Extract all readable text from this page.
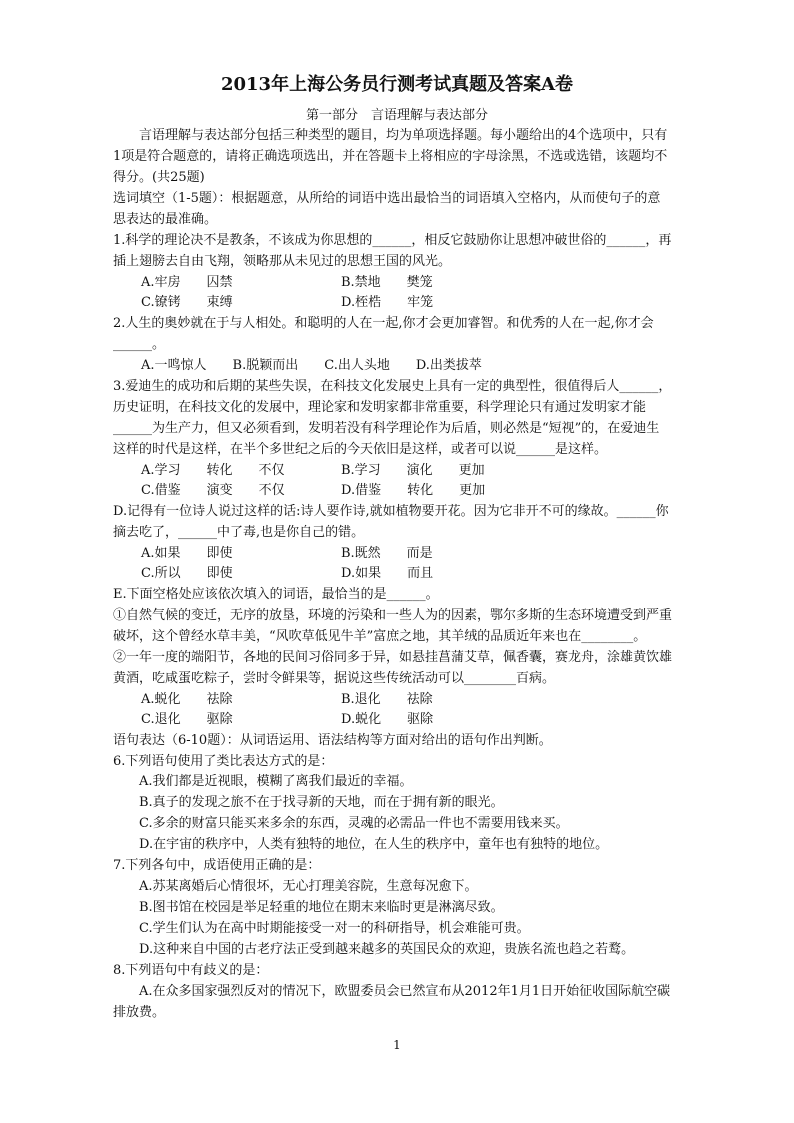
2013年上海公务员行测考试真题及答案A卷
第一部分　言语理解与表达部分
　　言语理解与表达部分包括三种类型的题目，均为单项选择题。每小题给出的4个选项中，只有
1项是符合题意的，请将正确选项选出，并在答题卡上将相应的字母涂黑，不选或选错，该题均不
得分。(共25题)
选词填空（1-5题）：根据题意，从所给的词语中选出最恰当的词语填入空格内，从而使句子的意
思表达的最准确。
1.科学的理论决不是教条，不该成为你思想的______，相反它鼓励你让思想冲破世俗的______，再
插上翅膀去自由飞翔，领略那从未见过的思想王国的风光。
A.牢房　　囚禁	B.禁地　　樊笼
C.镣铐　　束缚	D.桎梏　　牢笼
2.人生的奥妙就在于与人相处。和聪明的人在一起,你才会更加睿智。和优秀的人在一起,你才会
______。
A.一鸣惊人　　B.脱颖而出　　C.出人头地　　D.出类拔萃
3.爱迪生的成功和后期的某些失误，在科技文化发展史上具有一定的典型性，很值得后人______，
历史证明，在科技文化的发展中，理论家和发明家都非常重要，科学理论只有通过发明家才能
______为生产力，但又必须看到，发明若没有科学理论作为后盾，则必然是“短视”的，在爱迪生
这样的时代是这样，在半个多世纪之后的今天依旧是这样，或者可以说______是这样。
A.学习　　转化　　不仅	B.学习　　演化　　更加
C.借鉴　　演变　　不仅	D.借鉴　　转化　　更加
D.记得有一位诗人说过这样的话:诗人要作诗,就如植物要开花。因为它非开不可的缘故。______你
摘去吃了，______中了毒,也是你自己的错。
A.如果　　即使	B.既然　　而是
C.所以　　即使	D.如果　　而且
E.下面空格处应该依次填入的词语，最恰当的是______。
①自然气候的变迁，无序的放垦，环境的污染和一些人为的因素，鄂尔多斯的生态环境遭受到严重
破坏，这个曾经水草丰美，“风吹草低见牛羊”富庶之地，其羊绒的品质近年来也在________。
②一年一度的端阳节，各地的民间习俗同多于异，如悬挂菖蒲艾草，佩香囊，赛龙舟，涂雄黄饮雄
黄酒，吃咸蛋吃粽子，尝时令鲜果等，据说这些传统活动可以________百病。
A.蜕化　　祛除	B.退化　　祛除
C.退化　　驱除	D.蜕化　　驱除
语句表达（6-10题）：从词语运用、语法结构等方面对给出的语句作出判断。
6.下列语句使用了类比表达方式的是：
　　A.我们都是近视眼，模糊了离我们最近的幸福。
　　B.真子的发现之旅不在于找寻新的天地，而在于拥有新的眼光。
　　C.多余的财富只能买来多余的东西，灵魂的必需品一件也不需要用钱来买。
　　D.在宇宙的秩序中，人类有独特的地位，在人生的秩序中，童年也有独特的地位。
7.下列各句中，成语使用正确的是：
　　A.苏某离婚后心情很坏，无心打理美容院，生意每况愈下。
　　B.图书馆在校园是举足轻重的地位在期末来临时更是淋漓尽致。
　　C.学生们认为在高中时期能接受一对一的科研指导，机会难能可贵。
　　D.这种来自中国的古老疗法正受到越来越多的英国民众的欢迎，贵族名流也趋之若鹜。
8.下列语句中有歧义的是：
　　A.在众多国家强烈反对的情况下，欧盟委员会已然宣布从2012年1月1日开始征收国际航空碳
排放费。
1
